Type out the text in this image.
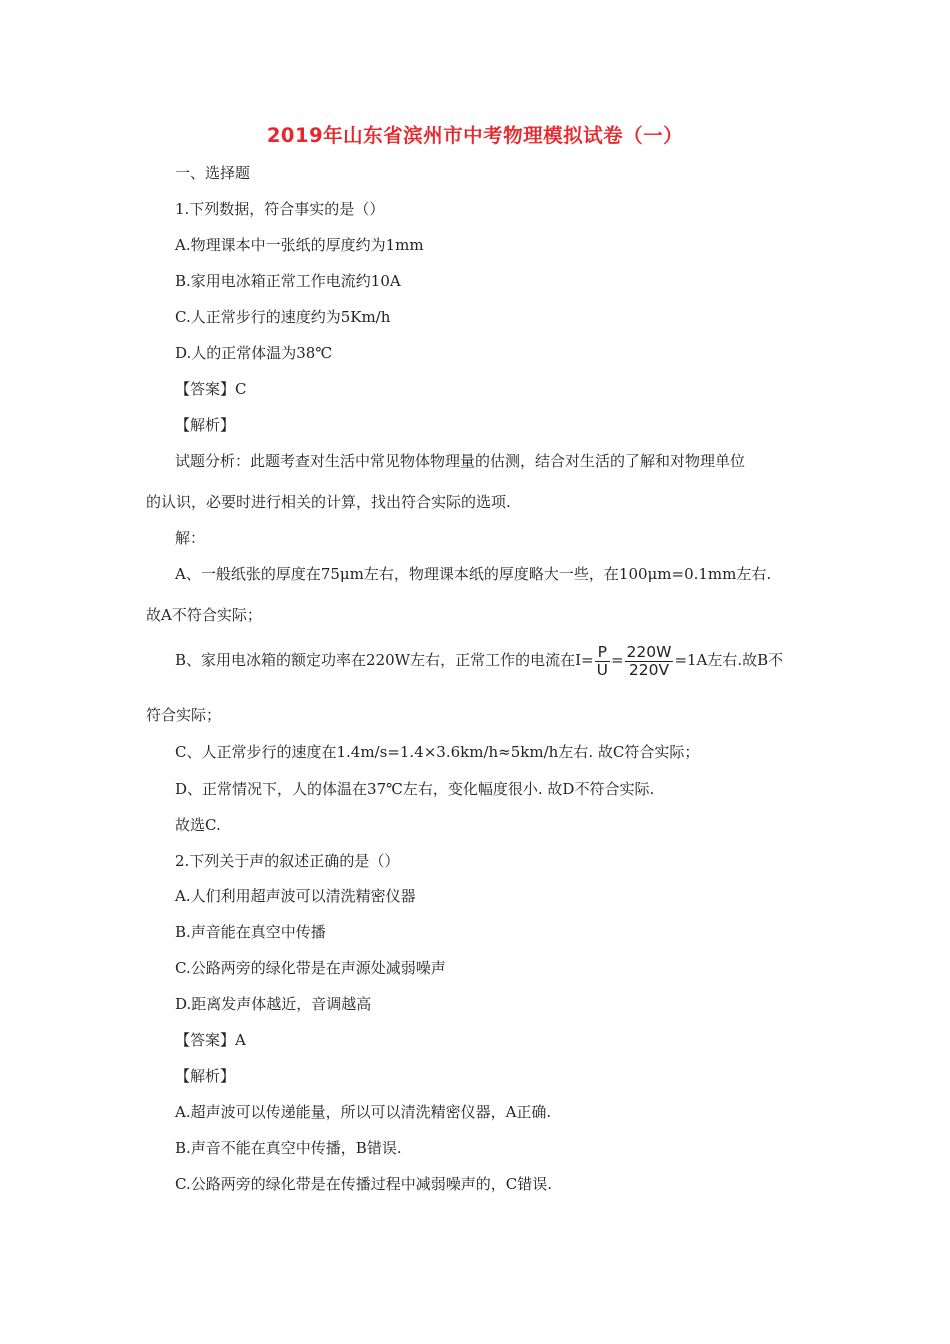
2019年山东省滨州市中考物理模拟试卷（一）
一、选择题
1.下列数据，符合事实的是（）
A.物理课本中一张纸的厚度约为1mm
B.家用电冰箱正常工作电流约10A
C.人正常步行的速度约为5Km/h
D.人的正常体温为38℃
【答案】C
【解析】
试题分析：此题考查对生活中常见物体物理量的估测，结合对生活的了解和对物理单位
的认识，必要时进行相关的计算，找出符合实际的选项.
解：
A、一般纸张的厚度在75μm左右，物理课本纸的厚度略大一些，在100μm=0.1mm左右.
故A不符合实际；
B、家用电冰箱的额定功率在220W左右，正常工作的电流在$I= \frac{P}{U} = \frac{220W}{220V} =1A$左右.故B不
符合实际；
C、人正常步行的速度在1.4m/s=1.4×3.6km/h≈5km/h左右. 故C符合实际；
D、正常情况下，人的体温在37℃左右，变化幅度很小. 故D不符合实际.
故选C.
2.下列关于声的叙述正确的是（）
A.人们利用超声波可以清洗精密仪器
B.声音能在真空中传播
C.公路两旁的绿化带是在声源处减弱噪声
D.距离发声体越近，音调越高
【答案】A
【解析】
A.超声波可以传递能量，所以可以清洗精密仪器，A正确.
B.声音不能在真空中传播，B错误.
C.公路两旁的绿化带是在传播过程中减弱噪声的，C错误.
